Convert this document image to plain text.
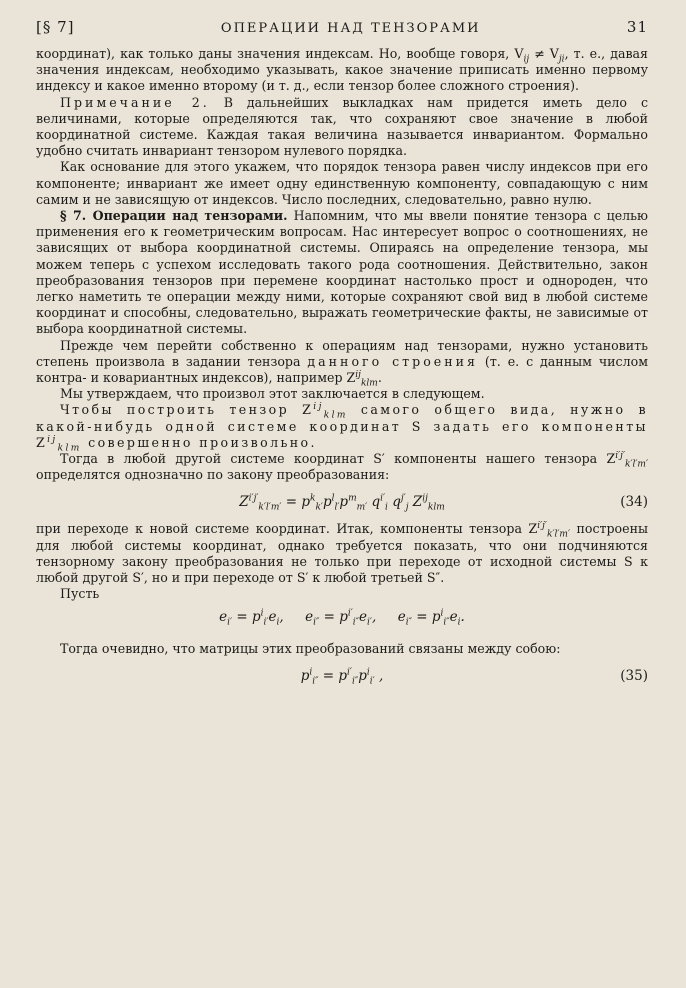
[§ 7]	ОПЕРАЦИИ НАД ТЕНЗОРАМИ	31

координат), как только даны значения индексам. Но, вообще говоря, $V_{ij} \ne V_{ji}$, т. е., давая значения индексам, необходимо указывать, какое значение приписать именно первому индексу и какое именно второму (и т. д., если тензор более сложного строения).

Примечание 2. В дальнейших выкладках нам придется иметь дело с величинами, которые определяются так, что сохраняют свое значение в любой координатной системе. Каждая такая величина называется инвариантом. Формально удобно считать инвариант тензором нулевого порядка.

Как основание для этого укажем, что порядок тензора равен числу индексов при его компоненте; инвариант же имеет одну единственную компоненту, совпадающую с ним самим и не зависящую от индексов. Число последних, следовательно, равно нулю.

§ 7. Операции над тензорами. Напомним, что мы ввели понятие тензора с целью применения его к геометрическим вопросам. Нас интересует вопрос о соотношениях, не зависящих от выбора координатной системы. Опираясь на определение тензора, мы можем теперь с успехом исследовать такого рода соотношения. Действительно, закон преобразования тензоров при перемене координат настолько прост и однороден, что легко наметить те операции между ними, которые сохраняют свой вид в любой системе координат и способны, следовательно, выражать геометрические факты, не зависимые от выбора координатной системы.

Прежде чем перейти собственно к операциям над тензорами, нужно установить степень произвола в задании тензора данного строения (т. е. с данным числом контра- и ковариантных индексов), например $Z^{ij}_{klm}$.

Мы утверждаем, что произвол этот заключается в следующем.

Чтобы построить тензор $Z^{ij}_{klm}$ самого общего вида, нужно в какой-нибудь одной системе координат S задать его компоненты $Z^{ij}_{klm}$ совершенно произвольно.

Тогда в любой другой системе координат S′ компоненты нашего тензора $Z^{i'j'}_{k'l'm'}$ определятся однозначно по закону преобразования:

$Z^{i'j'}_{k'l'm'} = p^k_{k'}p^l_{l'}p^m_{m'}$ $q^{i'}_i$ $q^{j'}_j$ $Z^{ij}_{klm}$	(34)

при переходе к новой системе координат. Итак, компоненты тензора $Z^{i'j'}_{k'l'm'}$ построены для любой системы координат, однако требуется показать, что они подчиняются тензорному закону преобразования не только при переходе от исходной системы S к любой другой S′, но и при переходе от S′ к любой третьей S″.

Пусть

$e_{i'} = p^i_{i'}e_i$,     $e_{i''} = p^{i'}_{i''}e_{i'}$,     $e_{i''} = p^i_{i''}e_i$.

Тогда очевидно, что матрицы этих преобразований связаны между собою:

$p^i_{i''} = p^{i'}_{i''}p^i_{i'}$ ,	(35)
